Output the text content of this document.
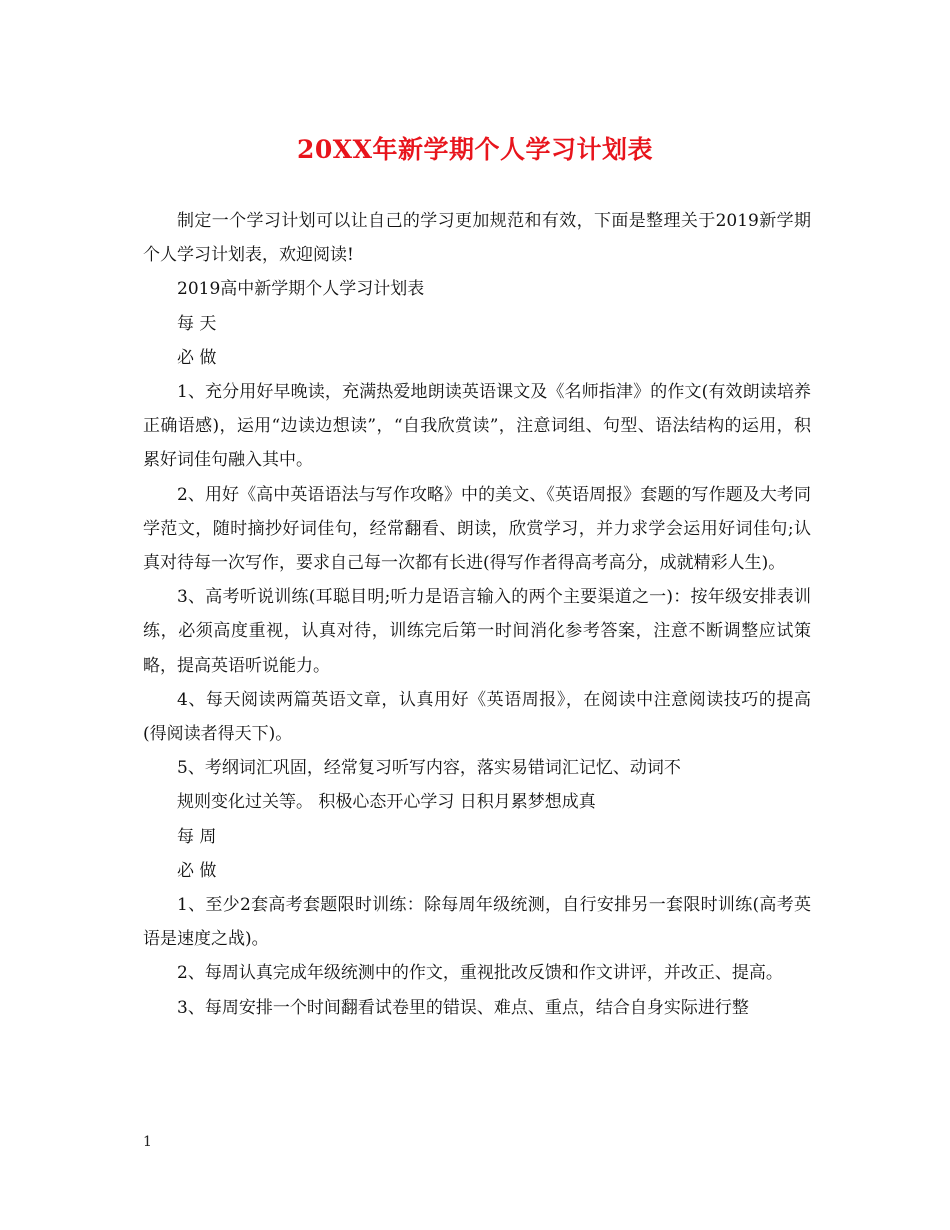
20XX年新学期个人学习计划表

制定一个学习计划可以让自己的学习更加规范和有效，下面是整理关于2019新学期个人学习计划表，欢迎阅读!

2019高中新学期个人学习计划表

每 天

必 做

1、充分用好早晚读，充满热爱地朗读英语课文及《名师指津》的作文(有效朗读培养正确语感)，运用“边读边想读”，“自我欣赏读”，注意词组、句型、语法结构的运用，积累好词佳句融入其中。

2、用好《高中英语语法与写作攻略》中的美文、《英语周报》套题的写作题及大考同学范文，随时摘抄好词佳句，经常翻看、朗读，欣赏学习，并力求学会运用好词佳句;认真对待每一次写作，要求自己每一次都有长进(得写作者得高考高分，成就精彩人生)。

3、高考听说训练(耳聪目明;听力是语言输入的两个主要渠道之一)：按年级安排表训练，必须高度重视，认真对待，训练完后第一时间消化参考答案，注意不断调整应试策略，提高英语听说能力。

4、每天阅读两篇英语文章，认真用好《英语周报》，在阅读中注意阅读技巧的提高(得阅读者得天下)。

5、考纲词汇巩固，经常复习听写内容，落实易错词汇记忆、动词不

规则变化过关等。 积极心态开心学习 日积月累梦想成真

每 周

必 做

1、至少2套高考套题限时训练：除每周年级统测，自行安排另一套限时训练(高考英语是速度之战)。

2、每周认真完成年级统测中的作文，重视批改反馈和作文讲评，并改正、提高。

3、每周安排一个时间翻看试卷里的错误、难点、重点，结合自身实际进行整

1
